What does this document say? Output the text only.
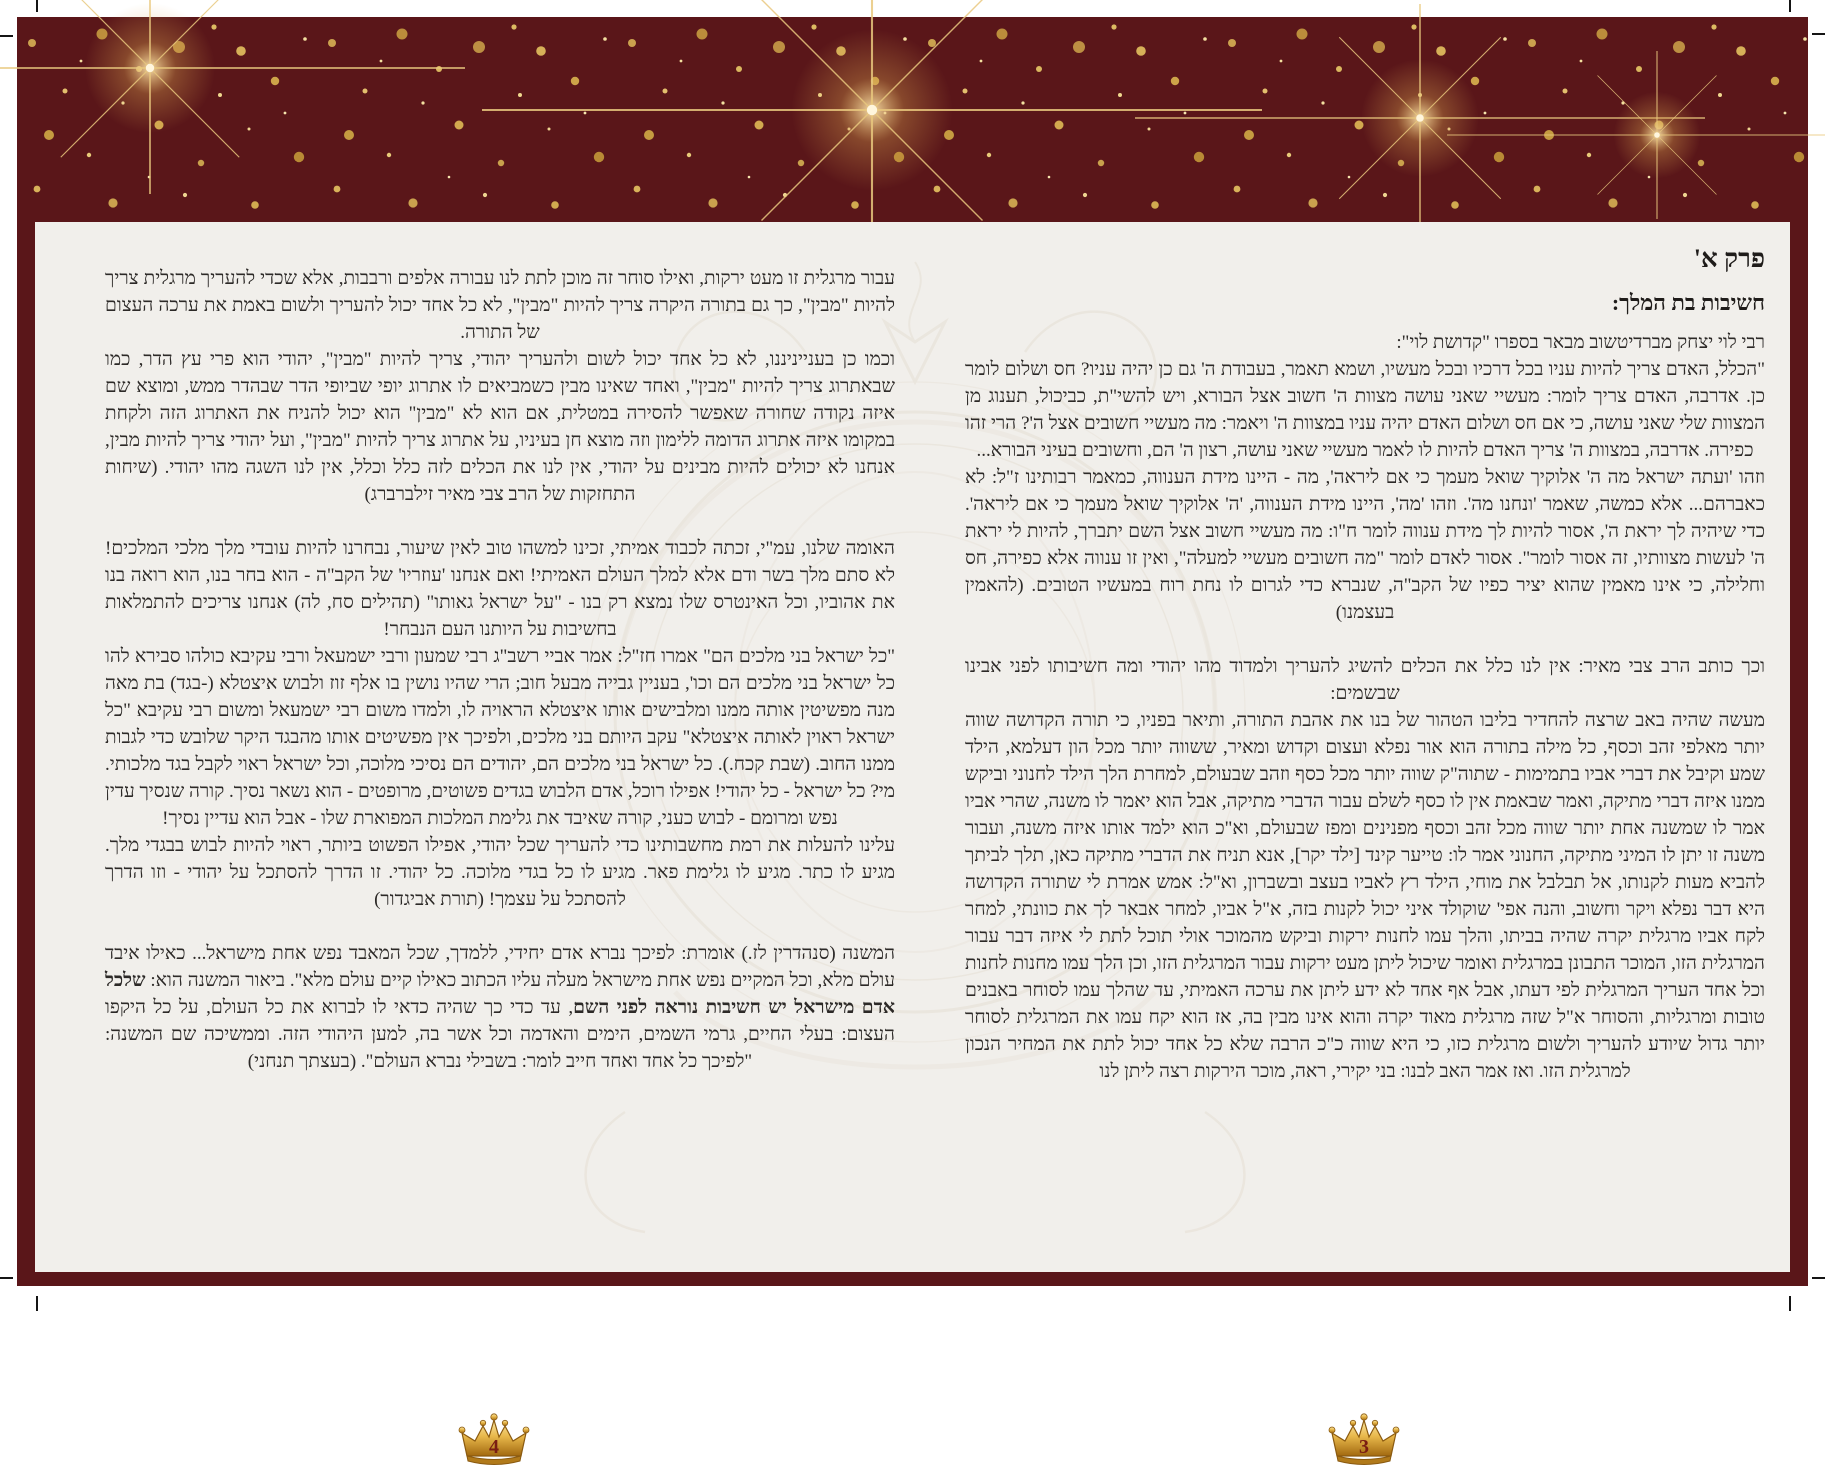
פרק א'
חשיבות בת המלך:

רבי לוי יצחק מברדיטשוב מבאר בספרו "קדושת לוי":

"הכלל, האדם צריך להיות עניו בכל דרכיו ובכל מעשיו, ושמא תאמר, בעבודת ה' גם כן יהיה עניו? חס ושלום לומר כן. אדרבה, האדם צריך לומר: מעשיי שאני עושה מצוות ה' חשוב אצל הבורא, ויש להשי"ת, כביכול, תענוג מן המצוות שלי שאני עושה, כי אם חס ושלום האדם יהיה עניו במצוות ה' ויאמר: מה מעשיי חשובים אצל ה'? הרי זהו כפירה. אדרבה, במצוות ה' צריך האדם להיות לו לאמר מעשיי שאני עושה, רצון ה' הם, וחשובים בעיני הבורא...

וזהו 'ועתה ישראל מה ה' אלוקיך שואל מעמך כי אם ליראה', מה - היינו מידת הענווה, כמאמר רבותינו ז"ל: לא כאברהם... אלא כמשה, שאמר 'ונחנו מה'. וזהו 'מה', היינו מידת הענווה, 'ה' אלוקיך שואל מעמך כי אם ליראה'. כדי שיהיה לך יראת ה', אסור להיות לך מידת ענווה לומר ח"ו: מה מעשיי חשוב אצל השם יתברך, להיות לי יראת ה' לעשות מצוותיו, זה אסור לומר". אסור לאדם לומר "מה חשובים מעשיי למעלה", ואין זו ענווה אלא כפירה, חס וחלילה, כי אינו מאמין שהוא יציר כפיו של הקב"ה, שנברא כדי לגרום לו נחת רוח במעשיו הטובים. (להאמין בעצמנו)

וכך כותב הרב צבי מאיר: אין לנו כלל את הכלים להשיג להעריך ולמדוד מהו יהודי ומה חשיבותו לפני אבינו שבשמים:

מעשה שהיה באב שרצה להחדיר בליבו הטהור של בנו את אהבת התורה, ותיאר בפניו, כי תורה הקדושה שווה יותר מאלפי זהב וכסף, כל מילה בתורה הוא אור נפלא ועצום וקדוש ומאיר, ששווה יותר מכל הון דעלמא, הילד שמע וקיבל את דברי אביו בתמימות - שתוה"ק שווה יותר מכל כסף וזהב שבעולם, למחרת הלך הילד לחנוני וביקש ממנו איזה דברי מתיקה, ואמר שבאמת אין לו כסף לשלם עבור הדברי מתיקה, אבל הוא יאמר לו משנה, שהרי אביו אמר לו שמשנה אחת יותר שווה מכל זהב וכסף מפנינים ומפז שבעולם, וא"כ הוא ילמד אותו איזה משנה, ועבור משנה זו יתן לו המיני מתיקה, החנוני אמר לו: טייער קינד [ילד יקר], אנא תניח את הדברי מתיקה כאן, תלך לביתך להביא מעות לקנותו, אל תבלבל את מוחי, הילד רץ לאביו בעצב ובשברון, וא"ל: אמש אמרת לי שתורה הקדושה היא דבר נפלא ויקר וחשוב, והנה אפי' שוקולד איני יכול לקנות בזה, א"ל אביו, למחר אבאר לך את כוונתי, למחר לקח אביו מרגלית יקרה שהיה בביתו, והלך עמו לחנות ירקות וביקש מהמוכר אולי תוכל לתת לי איזה דבר עבור המרגלית הזו, המוכר התבונן במרגלית ואומר שיכול ליתן מעט ירקות עבור המרגלית הזו, וכן הלך עמו מחנות לחנות וכל אחד העריך המרגלית לפי דעתו, אבל אף אחד לא ידע ליתן את ערכה האמיתי, עד שהלך עמו לסוחר באבנים טובות ומרגליות, והסוחר א"ל שזה מרגלית מאוד יקרה והוא אינו מבין בה, אז הוא יקח עמו את המרגלית לסוחר יותר גדול שיודע להעריך ולשום מרגלית כזו, כי היא שווה כ"כ הרבה שלא כל אחד יכול לתת את המחיר הנכון למרגלית הזו. ואז אמר האב לבנו: בני יקירי, ראה, מוכר הירקות רצה ליתן לנו

עבור מרגלית זו מעט ירקות, ואילו סוחר זה מוכן לתת לנו עבורה אלפים ורבבות, אלא שכדי להעריך מרגלית צריך להיות "מבין", כך גם בתורה היקרה צריך להיות "מבין", לא כל אחד יכול להעריך ולשום באמת את ערכה העצום של התורה.

וכמו כן בענייניננו, לא כל אחד יכול לשום ולהעריך יהודי, צריך להיות "מבין", יהודי הוא פרי עץ הדר, כמו שבאתרוג צריך להיות "מבין", ואחד שאינו מבין כשמביאים לו אתרוג יופי שביופי הדר שבהדר ממש, ומוצא שם איזה נקודה שחורה שאפשר להסירה במטלית, אם הוא לא "מבין" הוא יכול להניח את האתרוג הזה ולקחת במקומו איזה אתרוג הדומה ללימון וזה מוצא חן בעיניו, על אתרוג צריך להיות "מבין", ועל יהודי צריך להיות מבין, אנחנו לא יכולים להיות מבינים על יהודי, אין לנו את הכלים לזה כלל וכלל, אין לנו השגה מהו יהודי. (שיחות התחזקות של הרב צבי מאיר זילברברג)

האומה שלנו, עמ"י, זכתה לכבוד אמיתי, זכינו למשהו טוב לאין שיעור, נבחרנו להיות עובדי מלך מלכי המלכים! לא סתם מלך בשר ודם אלא למלך העולם האמיתי! ואם אנחנו 'עוזריו' של הקב"ה - הוא בחר בנו, הוא רואה בנו את אהוביו, וכל האינטרס שלו נמצא רק בנו - "על ישראל גאותו" (תהילים סח, לה) אנחנו צריכים להתמלאות בחשיבות על היותנו העם הנבחר!

"כל ישראל בני מלכים הם" אמרו חז"ל: אמר אביי רשב"ג רבי שמעון ורבי ישמעאל ורבי עקיבא כולהו סבירא להו כל ישראל בני מלכים הם וכו', בעניין גבייה מבעל חוב; הרי שהיו נושין בו אלף זוז ולבוש איצטלא (-בגד) בת מאה מנה מפשיטין אותה ממנו ומלבישים אותו איצטלא הראויה לו, ולמדו משום רבי ישמעאל ומשום רבי עקיבא "כל ישראל ראוין לאותה איצטלא" עקב היותם בני מלכים, ולפיכך אין מפשיטים אותו מהבגד היקר שלובש כדי לגבות ממנו החוב. (שבת קכח.). כל ישראל בני מלכים הם, יהודים הם נסיכי מלוכה, וכל ישראל ראוי לקבל בגד מלכותי. מי? כל ישראל - כל יהודי! אפילו רוכל, אדם הלבוש בגדים פשוטים, מרופטים - הוא נשאר נסיך. קורה שנסיך עדין נפש ומרומם - לבוש כעני, קורה שאיבד את גלימת המלכות המפוארת שלו - אבל הוא עדיין נסיך!

עלינו להעלות את רמת מחשבותינו כדי להעריך שכל יהודי, אפילו הפשוט ביותר, ראוי להיות לבוש בבגדי מלך. מגיע לו כתר. מגיע לו גלימת פאר. מגיע לו כל בגדי מלוכה. כל יהודי. זו הדרך להסתכל על יהודי - וזו הדרך להסתכל על עצמך! (תורת אביגדור)

המשנה (סנהדרין לז.) אומרת: לפיכך נברא אדם יחידי, ללמדך, שכל המאבד נפש אחת מישראל... כאילו איבד עולם מלא, וכל המקיים נפש אחת מישראל מעלה עליו הכתוב כאילו קיים עולם מלא". ביאור המשנה הוא: שלכל אדם מישראל יש חשיבות נוראה לפני השם, עד כדי כך שהיה כדאי לו לברוא את כל העולם, על כל היקפו העצום: בעלי החיים, גרמי השמים, הימים והאדמה וכל אשר בה, למען היהודי הזה. וממשיכה שם המשנה: "לפיכך כל אחד ואחד חייב לומר: בשבילי נברא העולם". (בעצתך תנחני)

3
4
